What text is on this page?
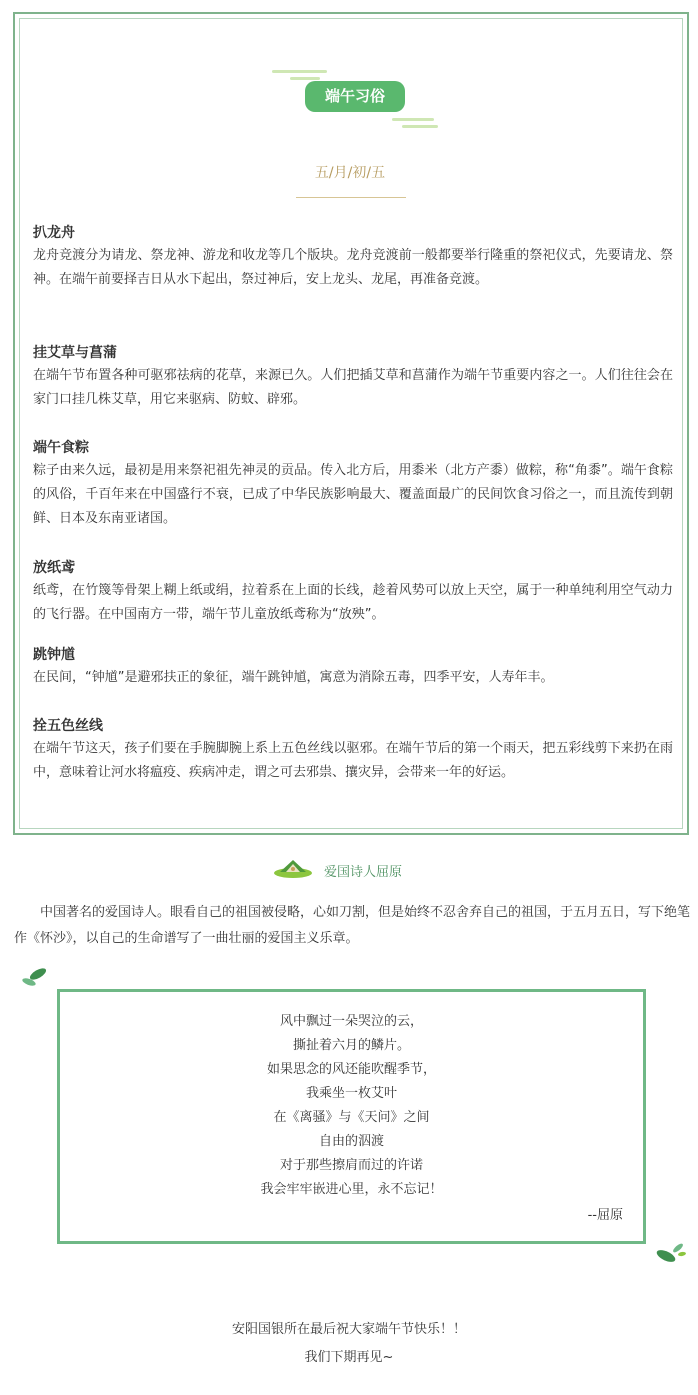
端午习俗
五/月/初/五
扒龙舟

龙舟竞渡分为请龙、祭龙神、游龙和收龙等几个版块。龙舟竞渡前一般都要举行隆重的祭祀仪式，先要请龙、祭神。在端午前要择吉日从水下起出，祭过神后，安上龙头、龙尾，再准备竞渡。

挂艾草与菖蒲

在端午节布置各种可驱邪祛病的花草，来源已久。人们把插艾草和菖蒲作为端午节重要内容之一。人们往往会在家门口挂几株艾草，用它来驱病、防蚊、辟邪。

端午食粽

粽子由来久远，最初是用来祭祀祖先神灵的贡品。传入北方后，用黍米（北方产黍）做粽，称“角黍”。端午食粽的风俗，千百年来在中国盛行不衰，已成了中华民族影响最大、覆盖面最广的民间饮食习俗之一，而且流传到朝鲜、日本及东南亚诸国。

放纸鸢

纸鸢，在竹篾等骨架上糊上纸或绢，拉着系在上面的长线，趁着风势可以放上天空，属于一种单纯利用空气动力的飞行器。在中国南方一带，端午节儿童放纸鸢称为“放殃”。

跳钟馗

在民间，“钟馗”是避邪扶正的象征，端午跳钟馗，寓意为消除五毒，四季平安，人寿年丰。

拴五色丝线

在端午节这天，孩子们要在手腕脚腕上系上五色丝线以驱邪。在端午节后的第一个雨天，把五彩线剪下来扔在雨中，意味着让河水将瘟疫、疾病冲走，谓之可去邪祟、攘灾异，会带来一年的好运。

爱国诗人屈原

中国著名的爱国诗人。眼看自己的祖国被侵略，心如刀割，但是始终不忍舍弃自己的祖国，于五月五日，写下绝笔作《怀沙》，以自己的生命谱写了一曲壮丽的爱国主义乐章。

风中飘过一朵哭泣的云，
撕扯着六月的鳞片。
如果思念的风还能吹醒季节，
我乘坐一枚艾叶
在《离骚》与《天问》之间
自由的泅渡
对于那些擦肩而过的许诺
我会牢牢嵌进心里，永不忘记！
--屈原
安阳国银所在最后祝大家端午节快乐！！
我们下期再见~
